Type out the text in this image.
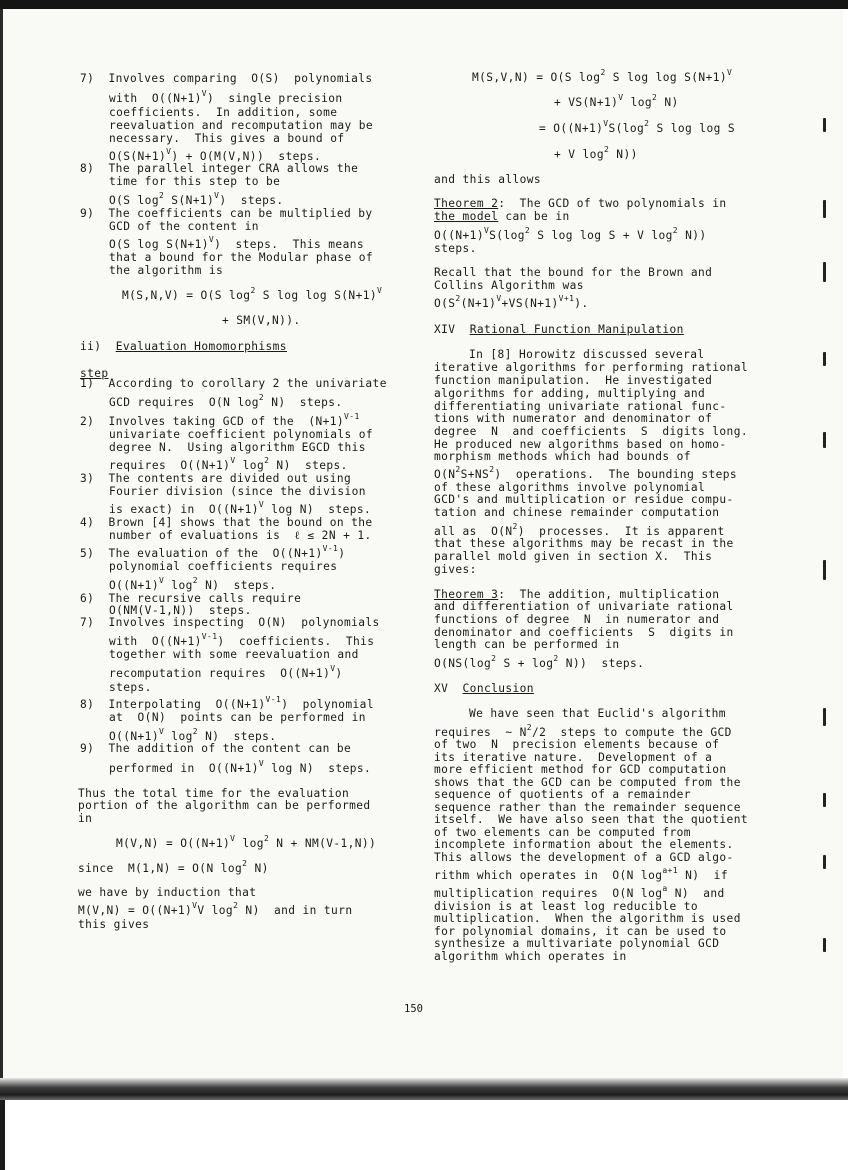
7)  Involves comparing  O(S)  polynomials
with  $O((N+1)^V)$  single precision
coefficients.  In addition, some
reevaluation and recomputation may be
necessary.  This gives a bound of
$O(S(N+1)^V) + O(M(V,N))$  steps.
8)  The parallel integer CRA allows the
time for this step to be
O(S $\log^2 S(N+1)^V$)  steps.
9)  The coefficients can be multiplied by
GCD of the content in
O(S $\log S(N+1)^V$)  steps.  This means
that a bound for the Modular phase of
the algorithm is
M(S,N,V) = O(S $\log^2 S$ $\log \log S(N+1)^V$
+ SM(V,N)).
ii)  Evaluation Homomorphisms
step
1)  According to corollary 2 the univariate
GCD requires  O(N $\log^2 N$)  steps.
2)  Involves taking GCD of the  $(N+1)^{V-1}$
univariate coefficient polynomials of
degree N.  Using algorithm EGCD this
requires  $O((N+1)^V$ $\log^2 N$)  steps.
3)  The contents are divided out using
Fourier division (since the division
is exact) in  $O((N+1)^V$ log N)  steps.
4)  Brown [4] shows that the bound on the
number of evaluations is  ℓ ≤ 2N + 1.
5)  The evaluation of the  $O((N+1)^{V-1})$
polynomial coefficients requires
$O((N+1)^V$ $\log^2 N$)  steps.
6)  The recursive calls require
O(NM(V-1,N))  steps.
7)  Involves inspecting  O(N)  polynomials
with  $O((N+1)^{V-1})$  coefficients.  This
together with some reevaluation and
recomputation requires  $O((N+1)^V)$
steps.
8)  Interpolating  $O((N+1)^{V-1})$  polynomial
at  O(N)  points can be performed in
$O((N+1)^V$ $\log^2 N$)  steps.
9)  The addition of the content can be
performed in  $O((N+1)^V$ log N)  steps.
Thus the total time for the evaluation
portion of the algorithm can be performed
in
$M(V,N) = O((N+1)^V$ $\log^2 N + NM(V-1,N)$)
since  M(1,N) = O(N $\log^2 N$)
we have by induction that
$M(V,N) = O((N+1)^VV$ $\log^2 N$)  and in turn
this gives
M(S,V,N) = O(S $\log^2 S$ $\log \log S(N+1)^V$
+ $VS(N+1)^V$ $\log^2 N$)
= $O((N+1)^VS(\log^2$ S log log S
+ V $\log^2 N$))
and this allows
Theorem 2:  The GCD of two polynomials in
the model can be in
$O((N+1)^VS(\log^2$ S log log S + V $\log^2 N$))
steps.
Recall that the bound for the Brown and
Collins Algorithm was
$O(S^2(N+1)^V+VS(N+1)^{V+1})$.
XIV  Rational Function Manipulation
In [8] Horowitz discussed several
iterative algorithms for performing rational
function manipulation.  He investigated
algorithms for adding, multiplying and
differentiating univariate rational func-
tions with numerator and denominator of
degree  N  and coefficients  S  digits long.
He produced new algorithms based on homo-
morphism methods which had bounds of
$O(N^2S+NS^2)$  operations.  The bounding steps
of these algorithms involve polynomial
GCD's and multiplication or residue compu-
tation and chinese remainder computation
all as  $O(N^2)$  processes.  It is apparent
that these algorithms may be recast in the
parallel mold given in section X.  This
gives:
Theorem 3:  The addition, multiplication
and differentiation of univariate rational
functions of degree  N  in numerator and
denominator and coefficients  S  digits in
length can be performed in
$O(NS(\log^2$ $S + \log^2 N$))  steps.
XV  Conclusion
We have seen that Euclid's algorithm
requires  ~ $N^2/2$  steps to compute the GCD
of two  N  precision elements because of
its iterative nature.  Development of a
more efficient method for GCD computation
shows that the GCD can be computed from the
sequence of quotients of a remainder
sequence rather than the remainder sequence
itself.  We have also seen that the quotient
of two elements can be computed from
incomplete information about the elements.
This allows the development of a GCD algo-
rithm which operates in  O(N $\log^{a+1} N$)  if
multiplication requires  O(N $\log^a N$)  and
division is at least log reducible to
multiplication.  When the algorithm is used
for polynomial domains, it can be used to
synthesize a multivariate polynomial GCD
algorithm which operates in
150
